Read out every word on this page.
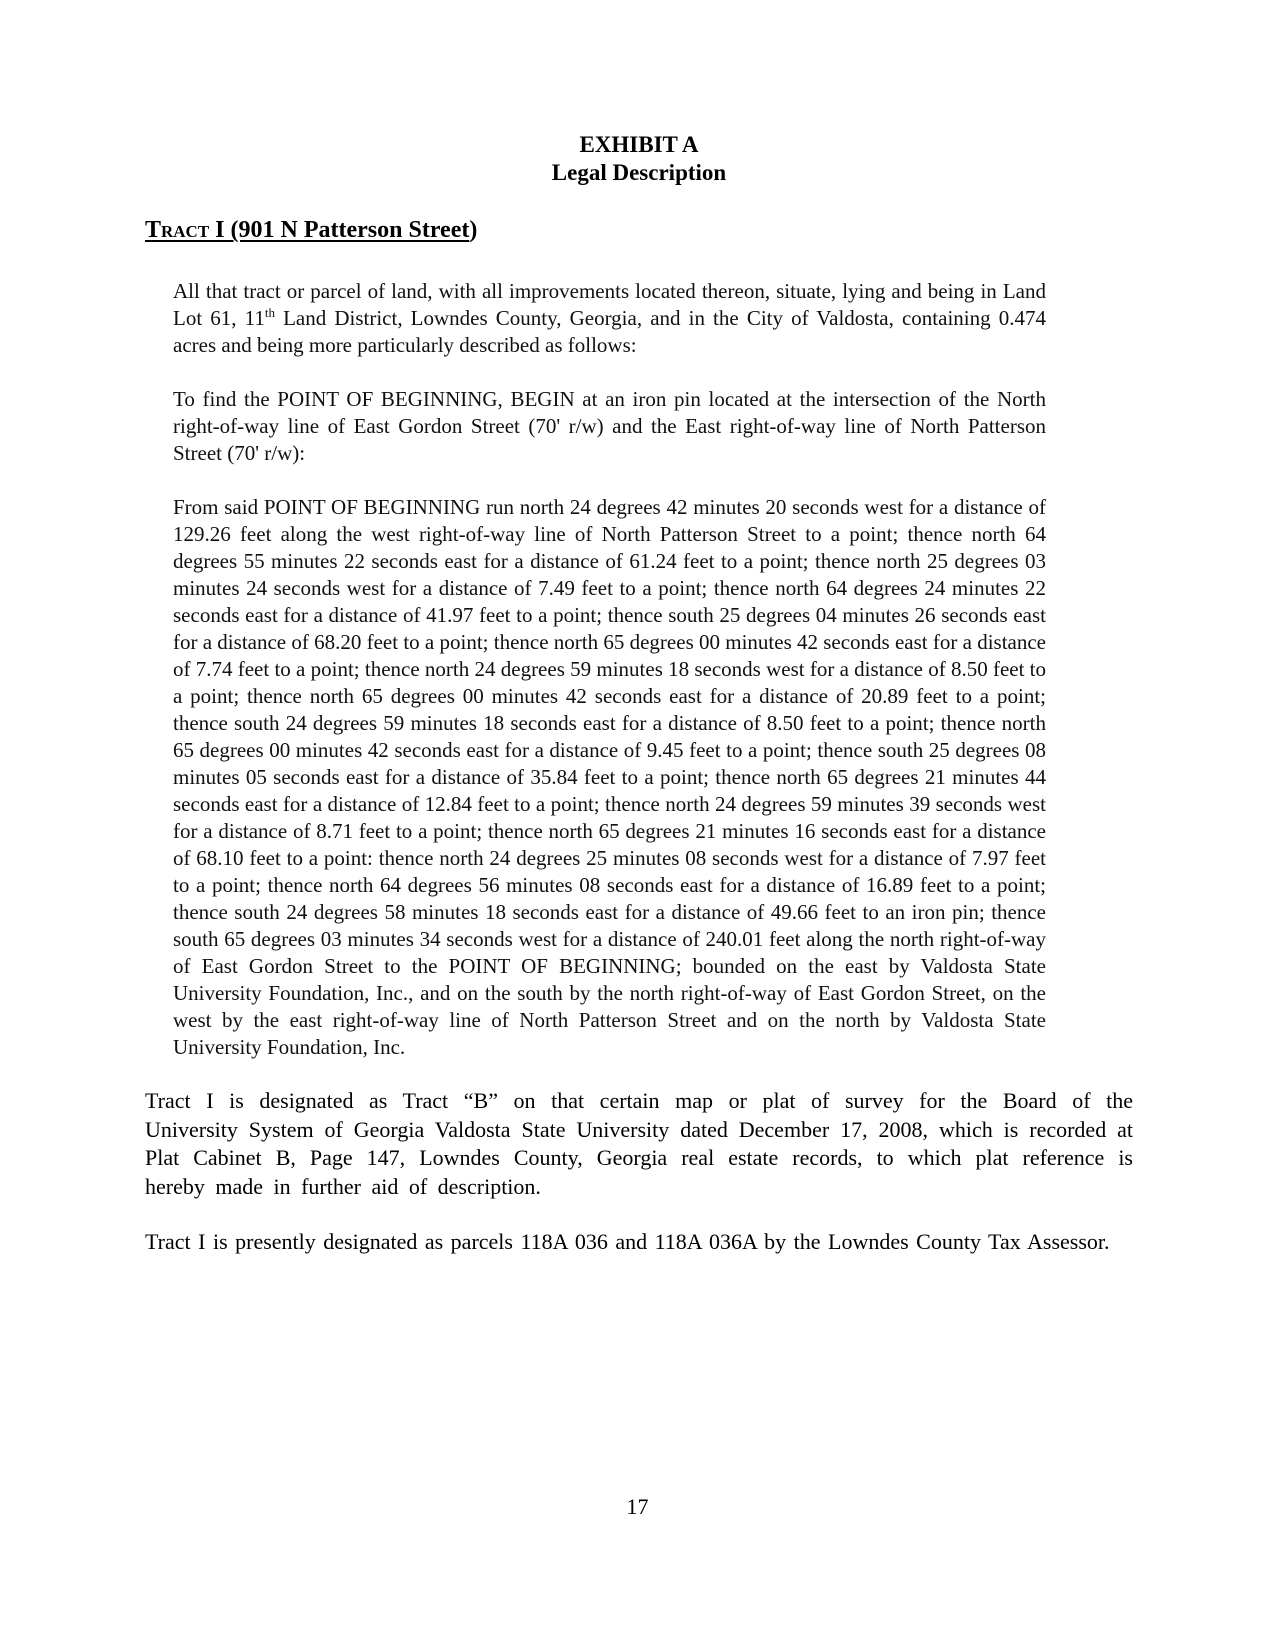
EXHIBIT A
Legal Description
Tract I (901 N Patterson Street)

All that tract or parcel of land, with all improvements located thereon, situate, lying and being in Land Lot 61, 11th Land District, Lowndes County, Georgia, and in the City of Valdosta, containing 0.474 acres and being more particularly described as follows:

To find the POINT OF BEGINNING, BEGIN at an iron pin located at the intersection of the North right-of-way line of East Gordon Street (70' r/w) and the East right-of-way line of North Patterson Street (70' r/w):

From said POINT OF BEGINNING run north 24 degrees 42 minutes 20 seconds west for a distance of 129.26 feet along the west right-of-way line of North Patterson Street to a point; thence north 64 degrees 55 minutes 22 seconds east for a distance of 61.24 feet to a point; thence north 25 degrees 03 minutes 24 seconds west for a distance of 7.49 feet to a point; thence north 64 degrees 24 minutes 22 seconds east for a distance of 41.97 feet to a point; thence south 25 degrees 04 minutes 26 seconds east for a distance of 68.20 feet to a point; thence north 65 degrees 00 minutes 42 seconds east for a distance of 7.74 feet to a point; thence north 24 degrees 59 minutes 18 seconds west for a distance of 8.50 feet to a point; thence north 65 degrees 00 minutes 42 seconds east for a distance of 20.89 feet to a point; thence south 24 degrees 59 minutes 18 seconds east for a distance of 8.50 feet to a point; thence north 65 degrees 00 minutes 42 seconds east for a distance of 9.45 feet to a point; thence south 25 degrees 08 minutes 05 seconds east for a distance of 35.84 feet to a point; thence north 65 degrees 21 minutes 44 seconds east for a distance of 12.84 feet to a point; thence north 24 degrees 59 minutes 39 seconds west for a distance of 8.71 feet to a point; thence north 65 degrees 21 minutes 16 seconds east for a distance of 68.10 feet to a point: thence north 24 degrees 25 minutes 08 seconds west for a distance of 7.97 feet to a point; thence north 64 degrees 56 minutes 08 seconds east for a distance of 16.89 feet to a point; thence south 24 degrees 58 minutes 18 seconds east for a distance of 49.66 feet to an iron pin; thence south 65 degrees 03 minutes 34 seconds west for a distance of 240.01 feet along the north right-of-way of East Gordon Street to the POINT OF BEGINNING; bounded on the east by Valdosta State University Foundation, Inc., and on the south by the north right-of-way of East Gordon Street, on the west by the east right-of-way line of North Patterson Street and on the north by Valdosta State University Foundation, Inc.

Tract I is designated as Tract “B” on that certain map or plat of survey for the Board of the University System of Georgia Valdosta State University dated December 17, 2008, which is recorded at Plat Cabinet B, Page 147, Lowndes County, Georgia real estate records, to which plat reference is hereby made in further aid of description.

Tract I is presently designated as parcels 118A 036 and 118A 036A by the Lowndes County Tax Assessor.

17
